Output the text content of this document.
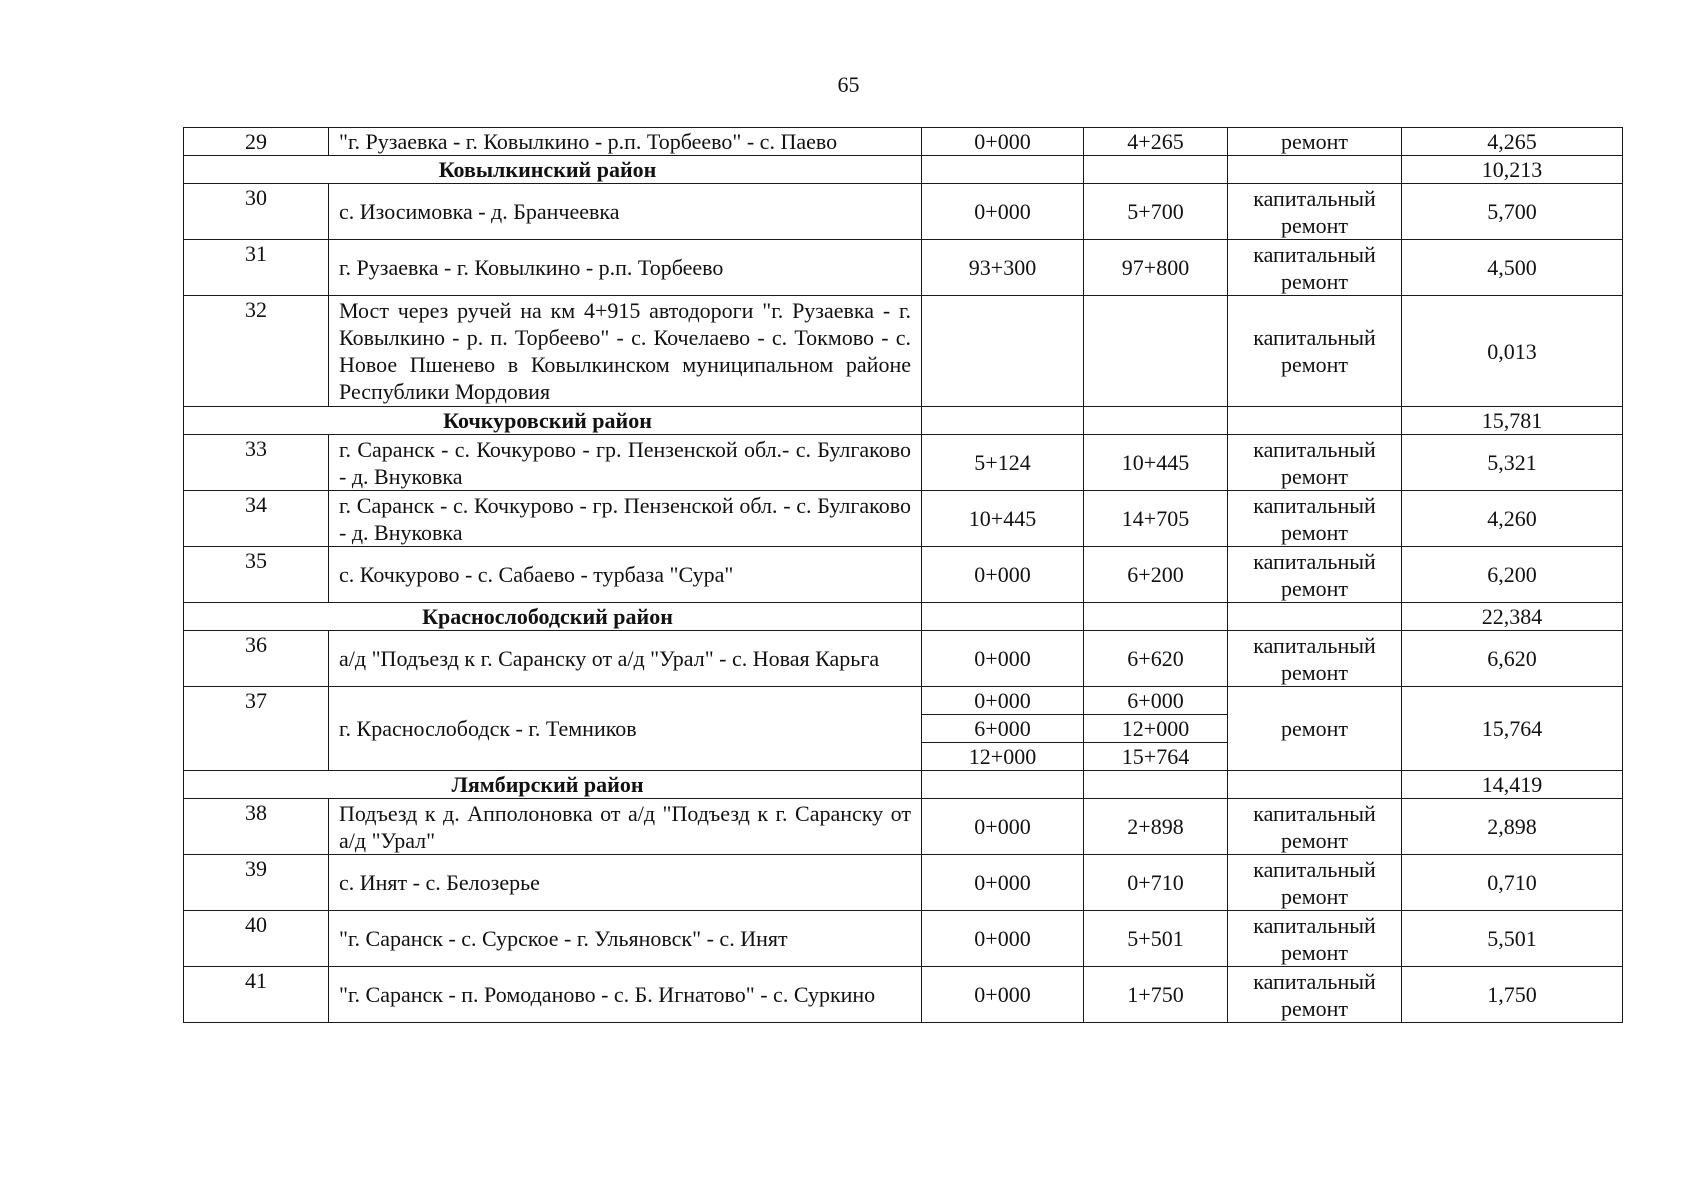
65
29	"г. Рузаевка - г. Ковылкино - р.п. Торбеево" - с. Паево	0+000	4+265	ремонт	4,265
Ковылкинский район					10,213
30	с. Изосимовка - д. Бранчеевка	0+000	5+700	капитальный ремонт	5,700
31	г. Рузаевка - г. Ковылкино - р.п. Торбеево	93+300	97+800	капитальный ремонт	4,500
32	Мост через ручей на км 4+915 автодороги "г. Рузаевка - г. Ковылкино - р. п. Торбеево" - с. Кочелаево - с. Токмово - с. Новое Пшенево в Ковылкинском муниципальном районе Республики Мордовия			капитальный ремонт	0,013
Кочкуровский район					15,781
33	г. Саранск - с. Кочкурово - гр. Пензенской обл.- с. Булгаково - д. Внуковка	5+124	10+445	капитальный ремонт	5,321
34	г. Саранск - с. Кочкурово - гр. Пензенской обл. - с. Булгаково - д. Внуковка	10+445	14+705	капитальный ремонт	4,260
35	с. Кочкурово - с. Сабаево - турбаза "Сура"	0+000	6+200	капитальный ремонт	6,200
Краснослободский район					22,384
36	а/д "Подъезд к г. Саранску от а/д "Урал" - с. Новая Карьга	0+000	6+620	капитальный ремонт	6,620
37	г. Краснослободск - г. Темников	0+000	6+000	ремонт	15,764
		6+000	12+000		
		12+000	15+764		
Лямбирский район					14,419
38	Подъезд к д. Апполоновка от а/д "Подъезд к г. Саранску от а/д "Урал"	0+000	2+898	капитальный ремонт	2,898
39	с. Инят - с. Белозерье	0+000	0+710	капитальный ремонт	0,710
40	"г. Саранск - с. Сурское - г. Ульяновск" - с. Инят	0+000	5+501	капитальный ремонт	5,501
41	"г. Саранск - п. Ромоданово - с. Б. Игнатово" - с. Суркино	0+000	1+750	капитальный ремонт	1,750
